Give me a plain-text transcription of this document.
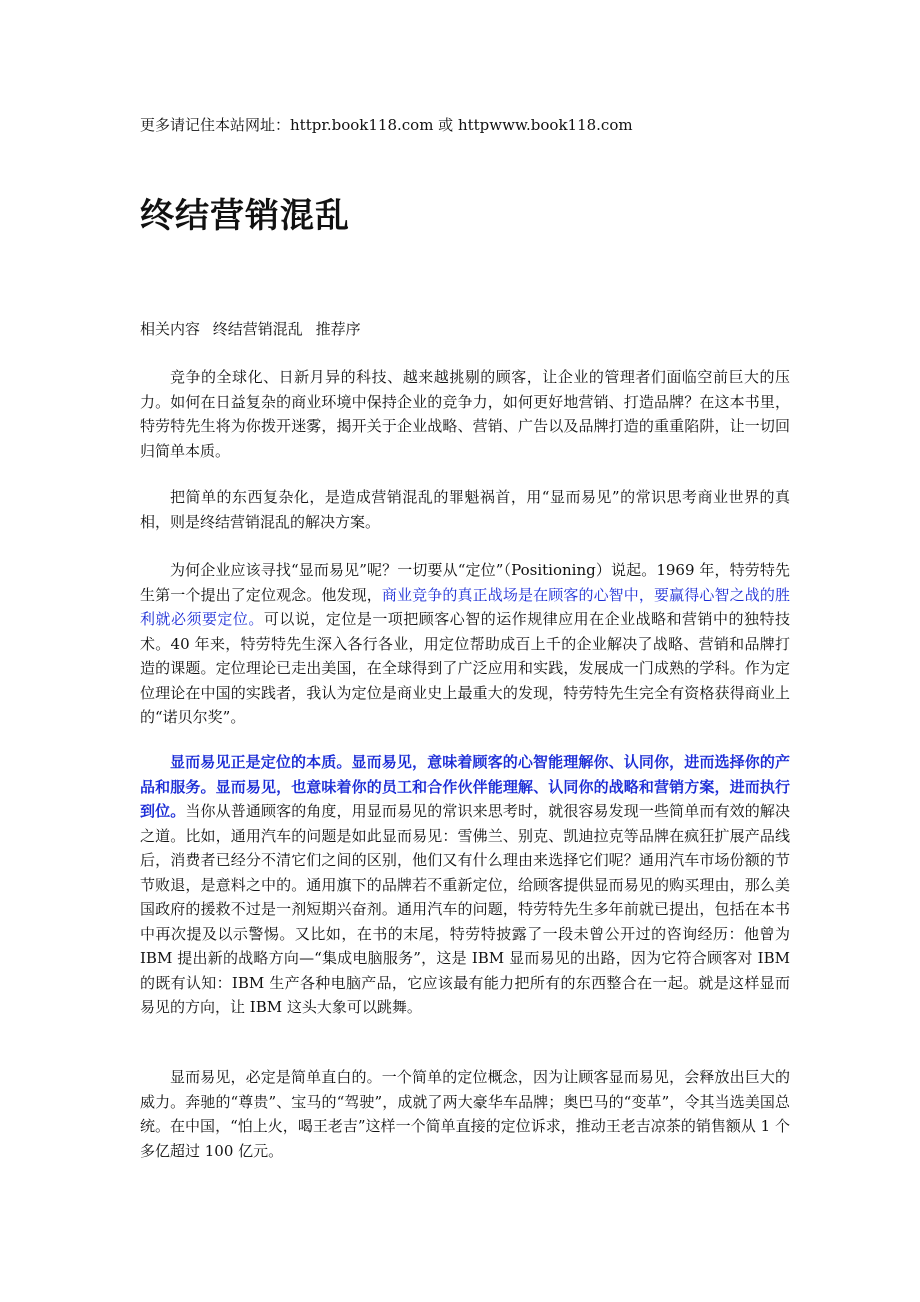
更多请记住本站网址：httpr.book118.com 或 httpwww.book118.com
终结营销混乱
相关内容 终结营销混乱 推荐序

竞争的全球化、日新月异的科技、越来越挑剔的顾客，让企业的管理者们面临空前巨大的压力。如何在日益复杂的商业环境中保持企业的竞争力，如何更好地营销、打造品牌？在这本书里，特劳特先生将为你拨开迷雾，揭开关于企业战略、营销、广告以及品牌打造的重重陷阱，让一切回归简单本质。

把简单的东西复杂化，是造成营销混乱的罪魁祸首，用“显而易见”的常识思考商业世界的真相，则是终结营销混乱的解决方案。

为何企业应该寻找“显而易见”呢？一切要从“定位”（Positioning）说起。1969 年，特劳特先生第一个提出了定位观念。他发现，商业竞争的真正战场是在顾客的心智中，要赢得心智之战的胜利就必须要定位。可以说，定位是一项把顾客心智的运作规律应用在企业战略和营销中的独特技术。40 年来，特劳特先生深入各行各业，用定位帮助成百上千的企业解决了战略、营销和品牌打造的课题。定位理论已走出美国，在全球得到了广泛应用和实践，发展成一门成熟的学科。作为定位理论在中国的实践者，我认为定位是商业史上最重大的发现，特劳特先生完全有资格获得商业上的“诺贝尔奖”。

显而易见正是定位的本质。显而易见，意味着顾客的心智能理解你、认同你，进而选择你的产品和服务。显而易见，也意味着你的员工和合作伙伴能理解、认同你的战略和营销方案，进而执行到位。当你从普通顾客的角度，用显而易见的常识来思考时，就很容易发现一些简单而有效的解决之道。比如，通用汽车的问题是如此显而易见：雪佛兰、别克、凯迪拉克等品牌在疯狂扩展产品线后，消费者已经分不清它们之间的区别，他们又有什么理由来选择它们呢？通用汽车市场份额的节节败退，是意料之中的。通用旗下的品牌若不重新定位，给顾客提供显而易见的购买理由，那么美国政府的援救不过是一剂短期兴奋剂。通用汽车的问题，特劳特先生多年前就已提出，包括在本书中再次提及以示警惕。又比如，在书的末尾，特劳特披露了一段未曾公开过的咨询经历：他曾为 IBM 提出新的战略方向—“集成电脑服务”，这是 IBM 显而易见的出路，因为它符合顾客对 IBM 的既有认知：IBM 生产各种电脑产品，它应该最有能力把所有的东西整合在一起。就是这样显而易见的方向，让 IBM 这头大象可以跳舞。

显而易见，必定是简单直白的。一个简单的定位概念，因为让顾客显而易见，会释放出巨大的威力。奔驰的“尊贵”、宝马的“驾驶”，成就了两大豪华车品牌；奥巴马的“变革”，令其当选美国总统。在中国，“怕上火，喝王老吉”这样一个简单直接的定位诉求，推动王老吉凉茶的销售额从 1 个多亿超过 100 亿元。
